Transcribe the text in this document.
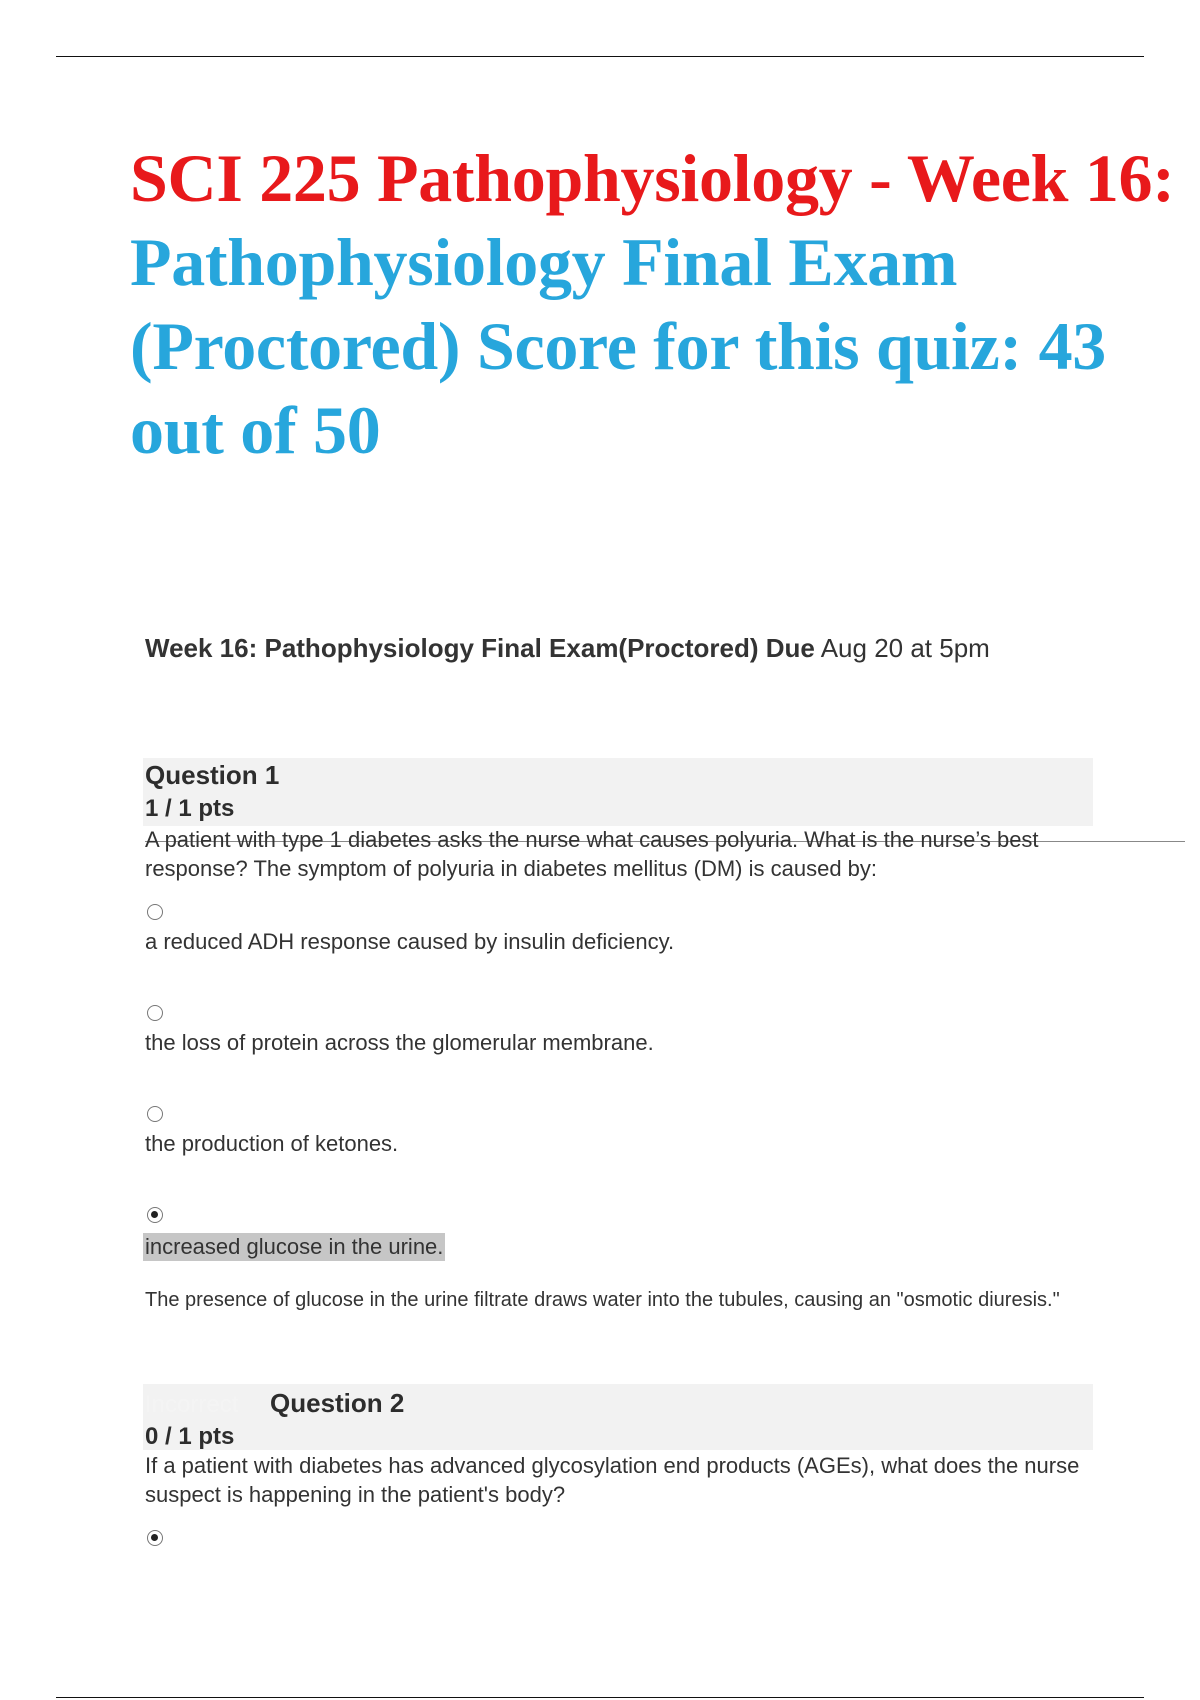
SCI 225 Pathophysiology - Week 16: Pathophysiology Final Exam (Proctored) Score for this quiz: 43 out of 50
Week 16: Pathophysiology Final Exam(Proctored) Due Aug 20 at 5pm
Question 1
1 / 1 pts
A patient with type 1 diabetes asks the nurse what causes polyuria. What is the nurse’s best response? The symptom of polyuria in diabetes mellitus (DM) is caused by:
a reduced ADH response caused by insulin deficiency.
the loss of protein across the glomerular membrane.
the production of ketones.
increased glucose in the urine.
The presence of glucose in the urine filtrate draws water into the tubules, causing an "osmotic diuresis."
Incorrect Question 2
0 / 1 pts
If a patient with diabetes has advanced glycosylation end products (AGEs), what does the nurse suspect is happening in the patient's body?
